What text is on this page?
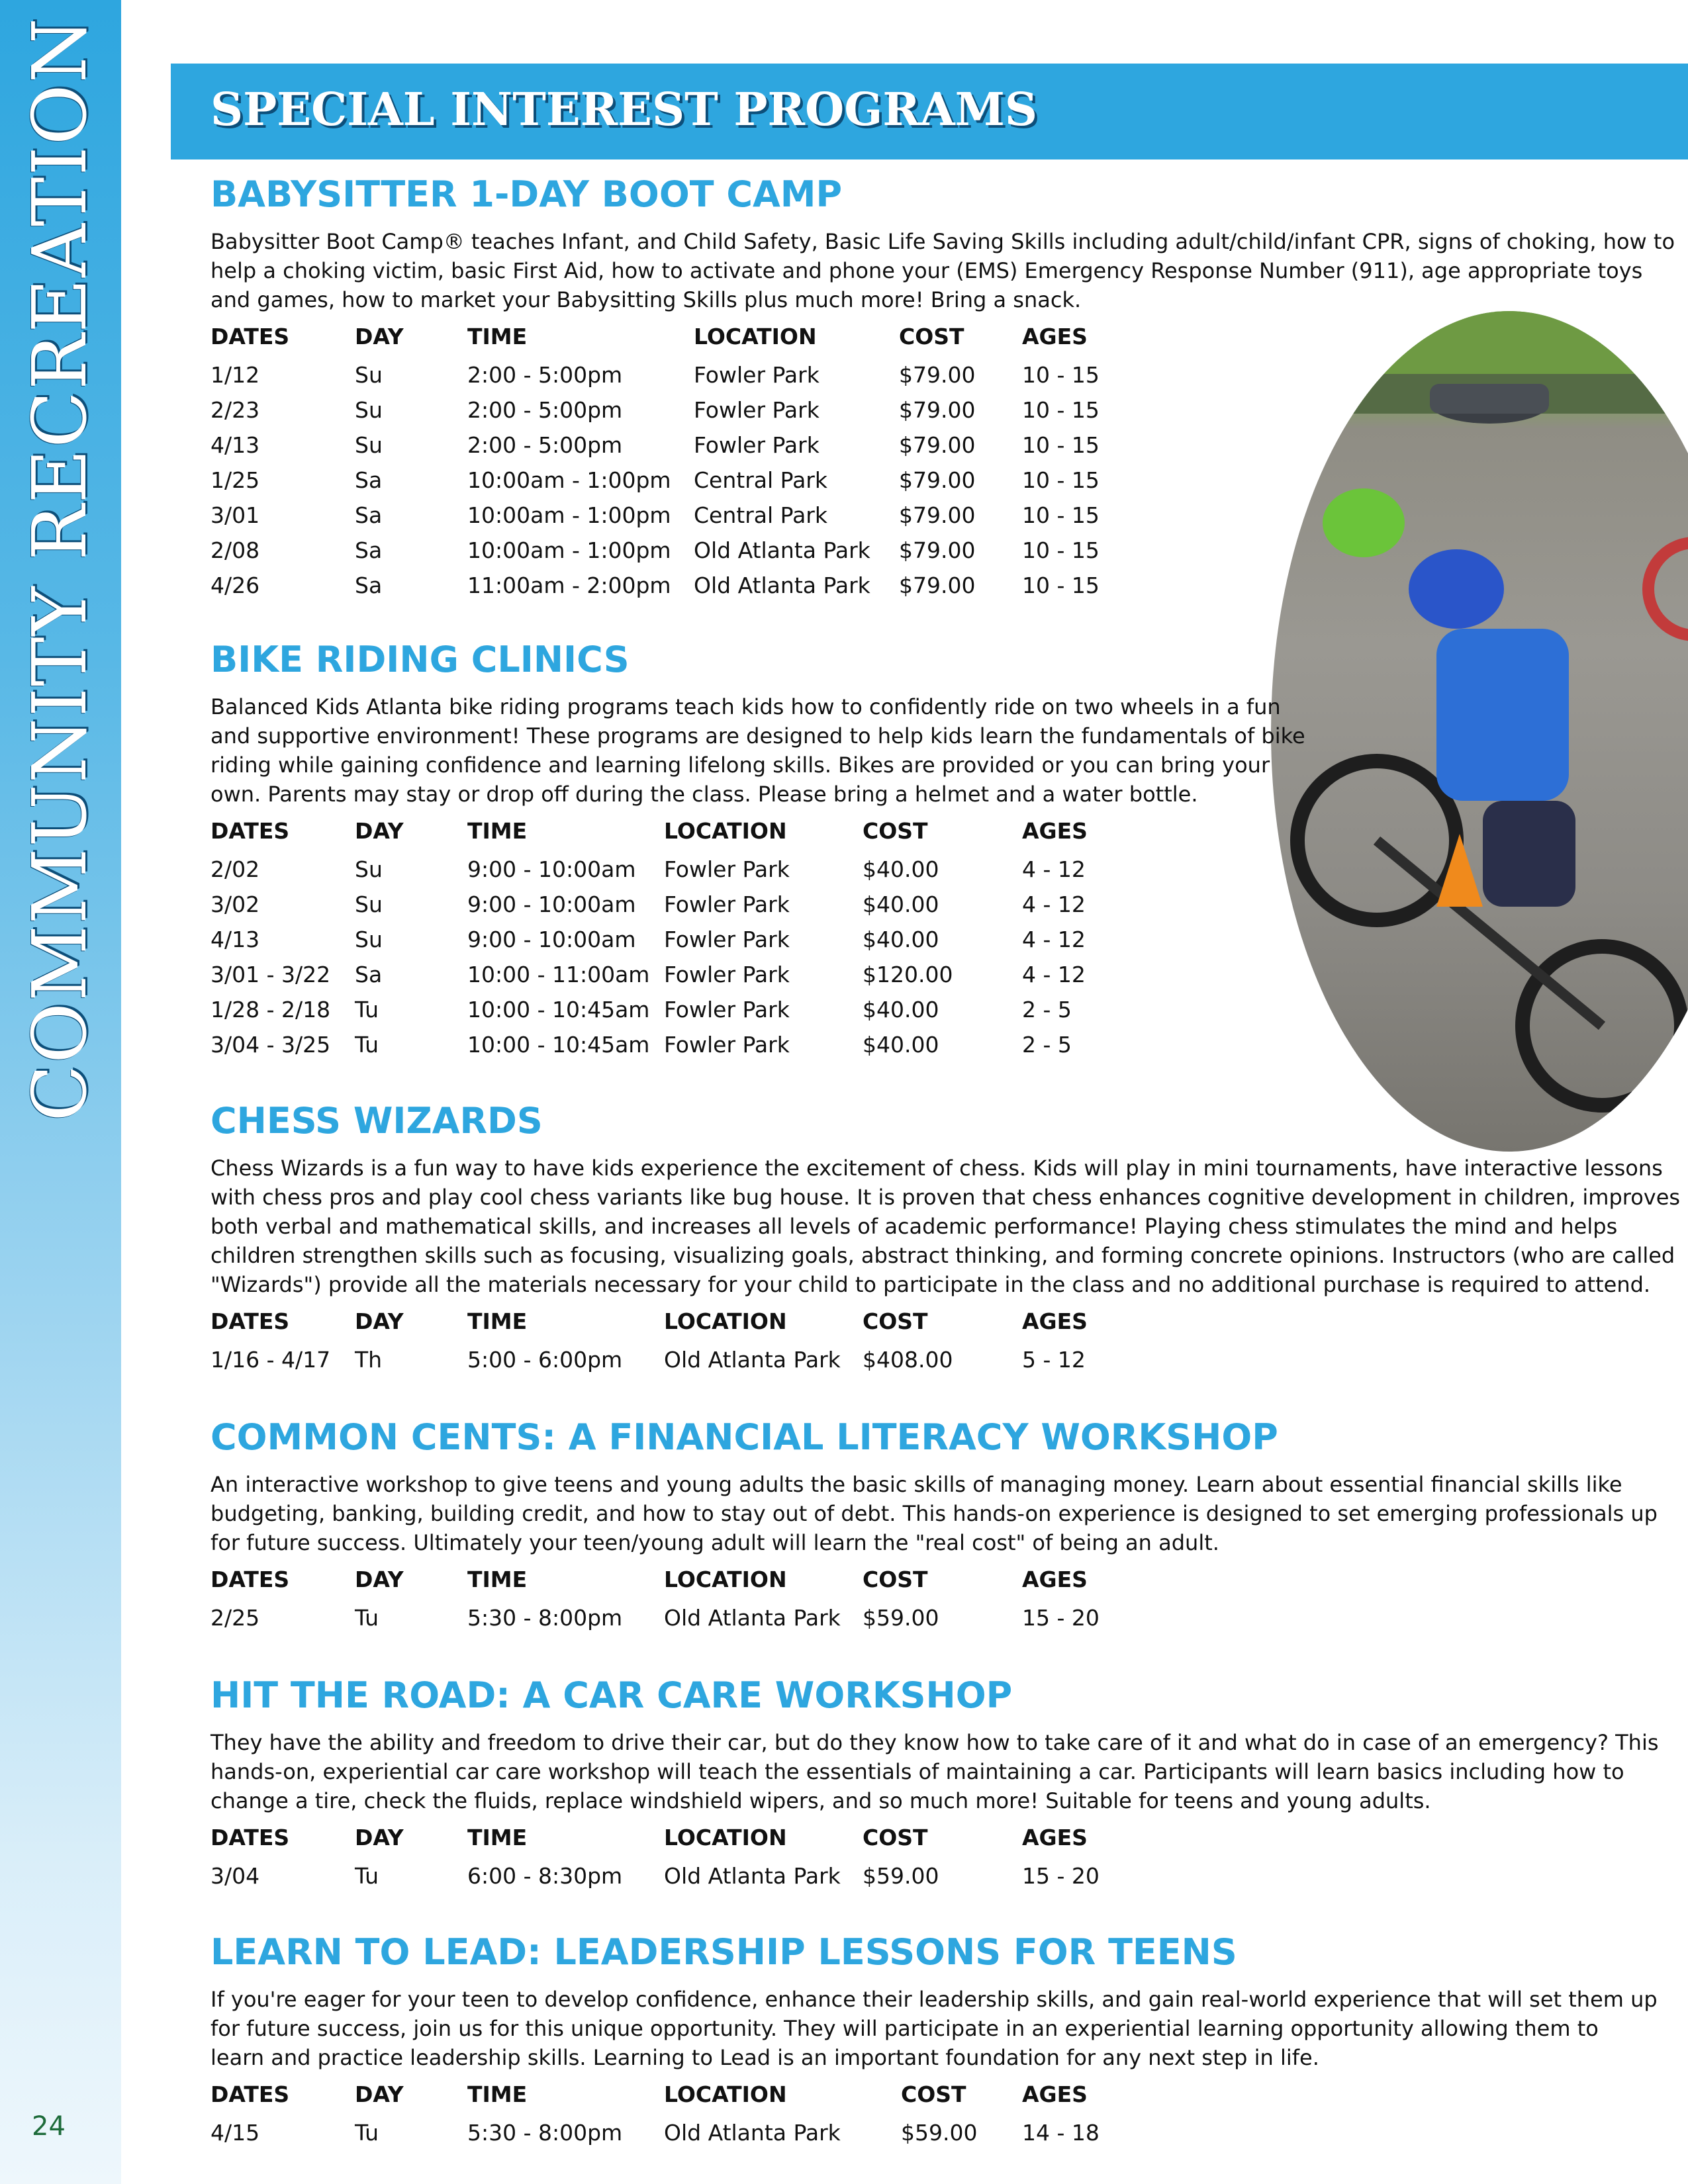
COMMUNITY RECREATION
24
SPECIAL INTEREST PROGRAMS
BABYSITTER 1-DAY BOOT CAMP
Babysitter Boot Camp® teaches Infant, and Child Safety, Basic Life Saving Skills including adult/child/infant CPR, signs of choking, how to
help a choking victim, basic First Aid, how to activate and phone your (EMS) Emergency Response Number (911), age appropriate toys
and games, how to market your Babysitting Skills plus much more! Bring a snack.
DATES	DAY	TIME	LOCATION	COST	AGES
1/12	Su	2:00 - 5:00pm	Fowler Park	$79.00 10 - 15
2/23	Su	2:00 - 5:00pm	Fowler Park	$79.00 10 - 15
4/13	Su	2:00 - 5:00pm	Fowler Park	$79.00 10 - 15
1/25	Sa	10:00am - 1:00pm Central Park	$79.00 10 - 15
3/01	Sa	10:00am - 1:00pm Central Park	$79.00 10 - 15
2/08	Sa	10:00am - 1:00pm Old Atlanta Park $79.00 10 - 15
4/26	Sa	11:00am - 2:00pm Old Atlanta Park $79.00 10 - 15
BIKE RIDING CLINICS
Balanced Kids Atlanta bike riding programs teach kids how to confidently ride on two wheels in a fun
and supportive environment! These programs are designed to help kids learn the fundamentals of bike
riding while gaining confidence and learning lifelong skills. Bikes are provided or you can bring your
own. Parents may stay or drop off during the class. Please bring a helmet and a water bottle.
DATES	DAY	TIME	LOCATION	COST	AGES
2/02	Su	9:00 - 10:00am Fowler Park	$40.00	4 - 12
3/02	Su	9:00 - 10:00am Fowler Park	$40.00	4 - 12
4/13	Su	9:00 - 10:00am Fowler Park	$40.00	4 - 12
3/01 - 3/22 Sa	10:00 - 11:00am Fowler Park	$120.00	4 - 12
1/28 - 2/18 Tu	10:00 - 10:45am Fowler Park	$40.00	2 - 5
3/04 - 3/25 Tu	10:00 - 10:45am Fowler Park	$40.00	2 - 5
CHESS WIZARDS
Chess Wizards is a fun way to have kids experience the excitement of chess. Kids will play in mini tournaments, have interactive lessons
with chess pros and play cool chess variants like bug house. It is proven that chess enhances cognitive development in children, improves
both verbal and mathematical skills, and increases all levels of academic performance! Playing chess stimulates the mind and helps
children strengthen skills such as focusing, visualizing goals, abstract thinking, and forming concrete opinions. Instructors (who are called
"Wizards") provide all the materials necessary for your child to participate in the class and no additional purchase is required to attend.
DATES	DAY	TIME	LOCATION	COST	AGES
1/16 - 4/17 Th	5:00 - 6:00pm Old Atlanta Park $408.00	5 - 12
COMMON CENTS: A FINANCIAL LITERACY WORKSHOP
An interactive workshop to give teens and young adults the basic skills of managing money. Learn about essential financial skills like
budgeting, banking, building credit, and how to stay out of debt. This hands-on experience is designed to set emerging professionals up
for future success. Ultimately your teen/young adult will learn the "real cost" of being an adult.
DATES	DAY	TIME	LOCATION	COST	AGES
2/25	Tu	5:30 - 8:00pm Old Atlanta Park $59.00	15 - 20
HIT THE ROAD: A CAR CARE WORKSHOP
They have the ability and freedom to drive their car, but do they know how to take care of it and what do in case of an emergency? This
hands-on, experiential car care workshop will teach the essentials of maintaining a car. Participants will learn basics including how to
change a tire, check the fluids, replace windshield wipers, and so much more! Suitable for teens and young adults.
DATES	DAY	TIME	LOCATION	COST	AGES
3/04	Tu	6:00 - 8:30pm Old Atlanta Park $59.00	15 - 20
LEARN TO LEAD: LEADERSHIP LESSONS FOR TEENS
If you're eager for your teen to develop confidence, enhance their leadership skills, and gain real-world experience that will set them up
for future success, join us for this unique opportunity. They will participate in an experiential learning opportunity allowing them to
learn and practice leadership skills. Learning to Lead is an important foundation for any next step in life.
DATES	DAY	TIME	LOCATION	COST	AGES
4/15	Tu	5:30 - 8:00pm Old Atlanta Park	$59.00 14 - 18
